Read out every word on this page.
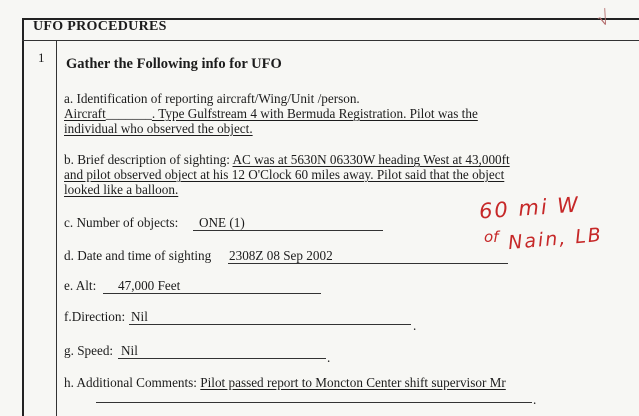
UFO PROCEDURES	√
1 Gather the Following info for UFO
a. Identification of reporting aircraft/Wing/Unit /person.
Aircraft_______. Type Gulfstream 4 with Bermuda Registration. Pilot was the
individual who observed the object.
b. Brief description of sighting: AC was at 5630N 06330W heading West at 43,000ft
and pilot observed object at his 12 O'Clock 60 miles away. Pilot said that the object
looked like a balloon.
c. Number of objects: ONE (1)
d. Date and time of sighting 2308Z 08 Sep 2002
e. Alt: 47,000 Feet
f.Direction: Nil
.
g. Speed: Nil	.
h. Additional Comments: Pilot passed report to Moncton Center shift supervisor Mr
.
60 mi W
of Nain, LB
